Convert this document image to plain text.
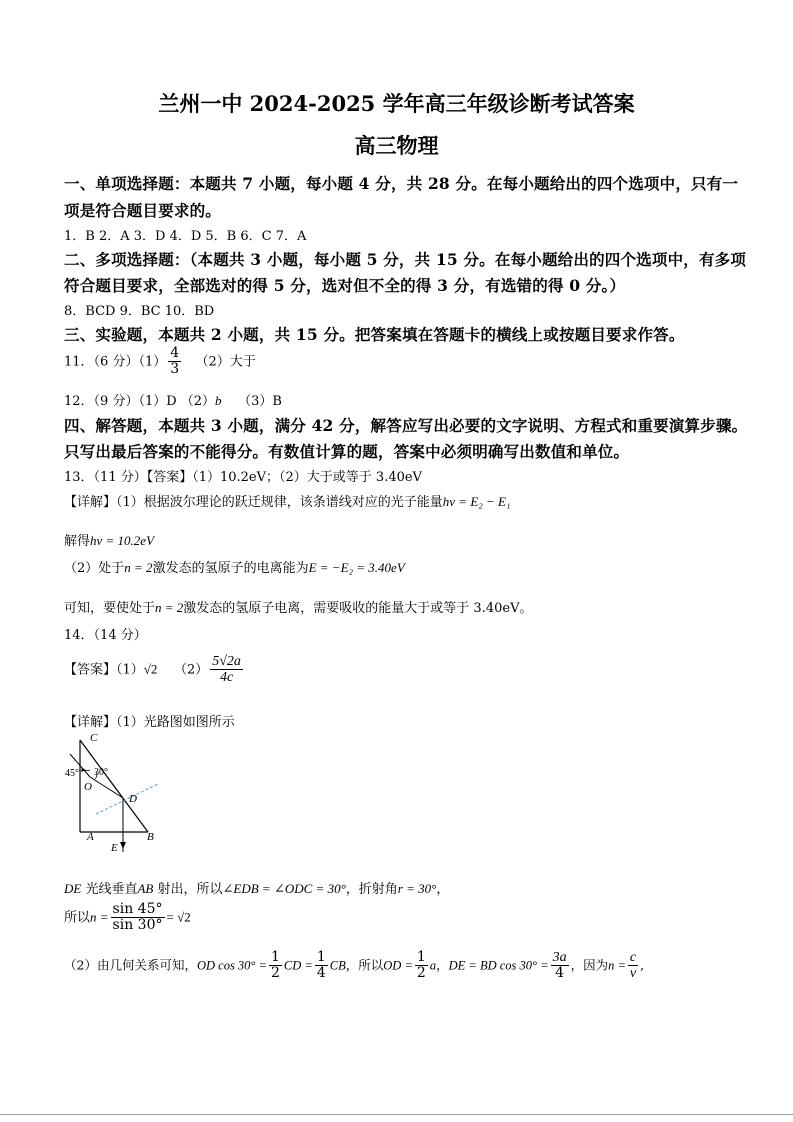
兰州一中 2024-2025 学年高三年级诊断考试答案
高三物理
一、单项选择题：本题共 7 小题，每小题 4 分，共 28 分。在每小题给出的四个选项中，只有一
项是符合题目要求的。
1．B 2．A 3．D 4．D 5．B 6．C 7．A
二、多项选择题：（本题共 3 小题，每小题 5 分，共 15 分。在每小题给出的四个选项中，有多项
符合题目要求，全部选对的得 5 分，选对但不全的得 3 分，有选错的得 0 分。）
8．BCD 9．BC 10．BD
三、实验题，本题共 2 小题，共 15 分。把答案填在答题卡的横线上或按题目要求作答。
11．（6 分）$(1) \frac{4}{3} (2)$大于
12．（9 分）（1）D （2）b （3）B
四、解答题，本题共 3 小题，满分 42 分，解答应写出必要的文字说明、方程式和重要演算步骤。
只写出最后答案的不能得分。有数值计算的题，答案中必须明确写出数值和单位。
13．（11 分）【答案】（1）10.2eV；（2）大于或等于 3.40eV
【详解】（1）根据波尔理论的跃迁规律，该条谱线对应的光子能量hν = E₂ − E₁
解得hν = 10.2eV
（2）处于n = 2激发态的氢原子的电离能为E = −E₂ = 3.40eV
可知，要使处于n = 2激发态的氢原子电离，需要吸收的能量大于或等于 3.40eV。
14．（14 分）
【答案】（1）√2 $(2) \frac{5√2a}{4c}$
【详解】（1）光路图如图所示
C
45° 30°
O
D
A	B
E
DE 光线垂直AB 射出，所以∠EDB = ∠ODC = 30°，折射角r = 30°，
所以$n = \frac{\sin 45^\circ}{\sin 30^\circ} = √2$
（2）由几何关系可知，OD $\cos 30^\circ = \frac{1}{2}$ CD = $\frac{1}{4}$ CB，所以OD = $\frac{1}{2}$ a，DE = BD $\cos 30^\circ = \frac{3a}{4}$ ，因为$n = \frac{c}{v}$ ,
